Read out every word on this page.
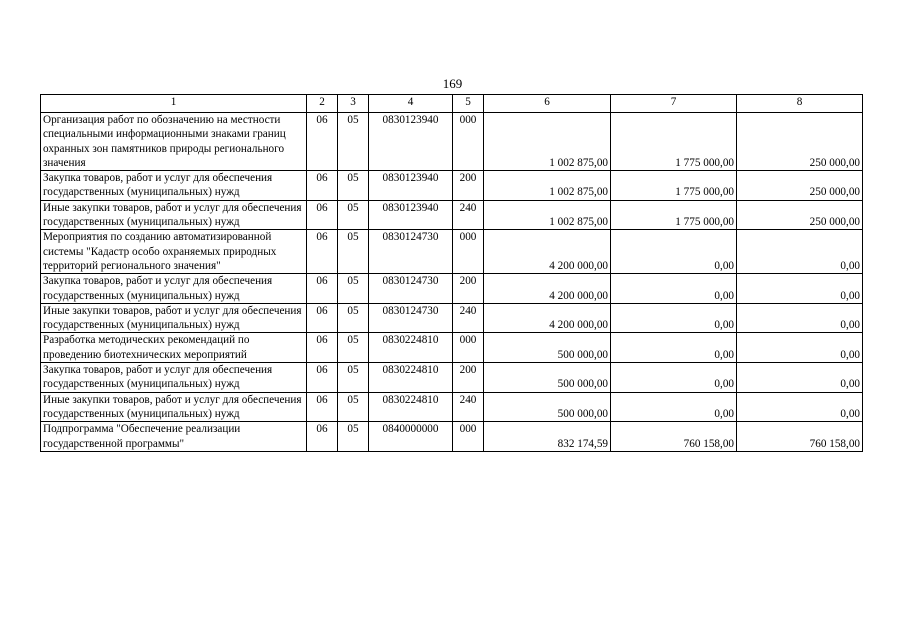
169
1	2	3	4	5	6	7	8
Организация работ по обозначению на местности специальными информационными знаками границ охранных зон памятников природы регионального значения	06	05	0830123940	000	1 002 875,00	1 775 000,00	250 000,00
Закупка товаров, работ и услуг для обеспечения государственных (муниципальных) нужд	06	05	0830123940	200	1 002 875,00	1 775 000,00	250 000,00
Иные закупки товаров, работ и услуг для обеспечения государственных (муниципальных) нужд	06	05	0830123940	240	1 002 875,00	1 775 000,00	250 000,00
Мероприятия по созданию автоматизированной системы "Кадастр особо охраняемых природных территорий регионального значения"	06	05	0830124730	000	4 200 000,00	0,00	0,00
Закупка товаров, работ и услуг для обеспечения государственных (муниципальных) нужд	06	05	0830124730	200	4 200 000,00	0,00	0,00
Иные закупки товаров, работ и услуг для обеспечения государственных (муниципальных) нужд	06	05	0830124730	240	4 200 000,00	0,00	0,00
Разработка методических рекомендаций по проведению биотехнических мероприятий	06	05	0830224810	000	500 000,00	0,00	0,00
Закупка товаров, работ и услуг для обеспечения государственных (муниципальных) нужд	06	05	0830224810	200	500 000,00	0,00	0,00
Иные закупки товаров, работ и услуг для обеспечения государственных (муниципальных) нужд	06	05	0830224810	240	500 000,00	0,00	0,00
Подпрограмма "Обеспечение реализации государственной программы"	06	05	0840000000	000	832 174,59	760 158,00	760 158,00
